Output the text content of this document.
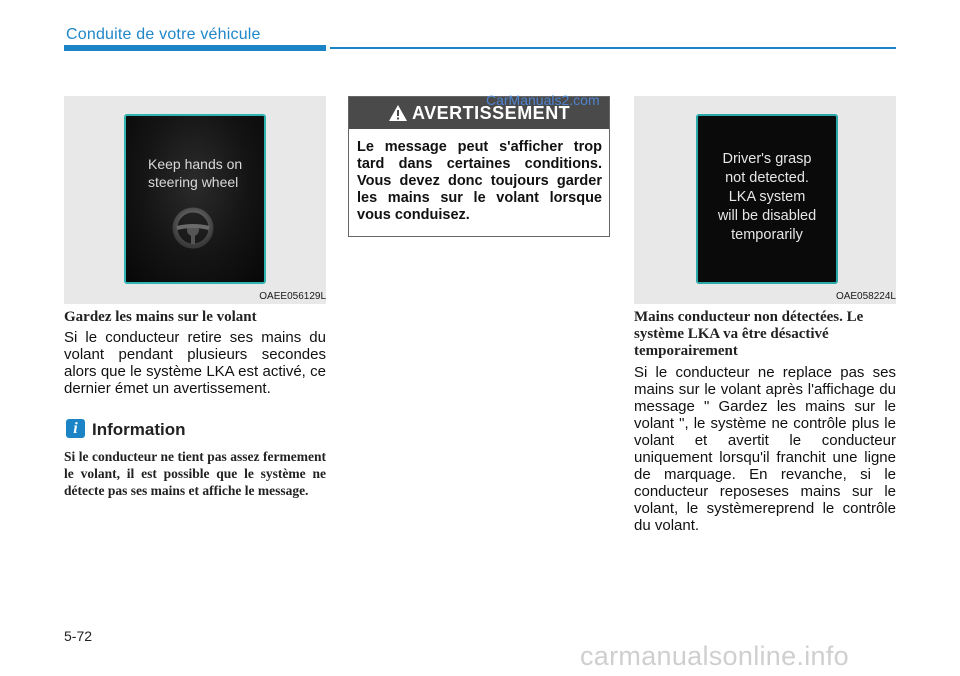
Conduite de votre véhicule
Keep hands on
steering wheel
OAEE056129L
Gardez les mains sur le volant
Si le conducteur retire ses mains du volant pendant plusieurs secondes alors que le système LKA est activé, ce dernier émet un avertissement.
i Information
Si le conducteur ne tient pas assez fermement le volant, il est possible que le système ne détecte pas ses mains et affiche le message.
AVERTISSEMENT
Le message peut s'afficher trop tard dans certaines conditions. Vous devez donc toujours garder les mains sur le volant lorsque vous conduisez.
CarManuals2.com
Driver's grasp
not detected.
LKA system
will be disabled
temporarily
OAE058224L
Mains conducteur non détectées. Le système LKA va être désactivé temporairement
Si le conducteur ne replace pas ses mains sur le volant après l'affichage du message " Gardez les mains sur le volant ", le système ne contrôle plus le volant et avertit le conducteur uniquement lorsqu'il franchit une ligne de marquage. En revanche, si le conducteur reposeses mains sur le volant, le systèmereprend le contrôle du volant.
5-72
carmanualsonline.info
